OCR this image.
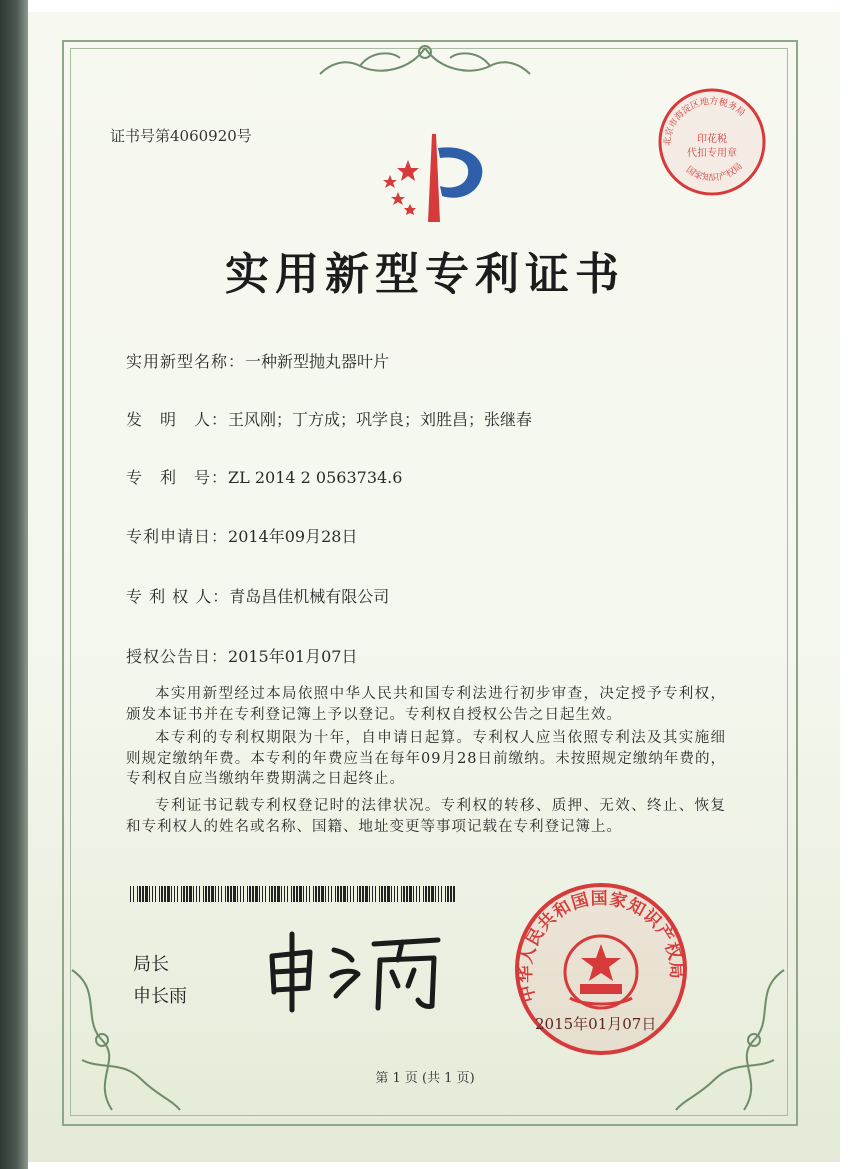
证书号第4060920号
实用新型专利证书
实用新型名称：一种新型抛丸器叶片
发　明　人：王风刚；丁方成；巩学良；刘胜昌；张继春
专　利　号：ZL 2014 2 0563734.6
专利申请日：2014年09月28日
专 利 权 人：青岛昌佳机械有限公司
授权公告日：2015年01月07日
本实用新型经过本局依照中华人民共和国专利法进行初步审查，决定授予专利权，颁发本证书并在专利登记簿上予以登记。专利权自授权公告之日起生效。
本专利的专利权期限为十年，自申请日起算。专利权人应当依照专利法及其实施细则规定缴纳年费。本专利的年费应当在每年09月28日前缴纳。未按照规定缴纳年费的，专利权自应当缴纳年费期满之日起终止。
专利证书记载专利权登记时的法律状况。专利权的转移、质押、无效、终止、恢复和专利权人的姓名或名称、国籍、地址变更等事项记载在专利登记簿上。
局长
申长雨	中华人民共和国国家知识产权局
2015年01月07日
北京市海淀区地方税务局
印花税
代扣专用章
国家知识产权局
第 1 页 (共 1 页)
